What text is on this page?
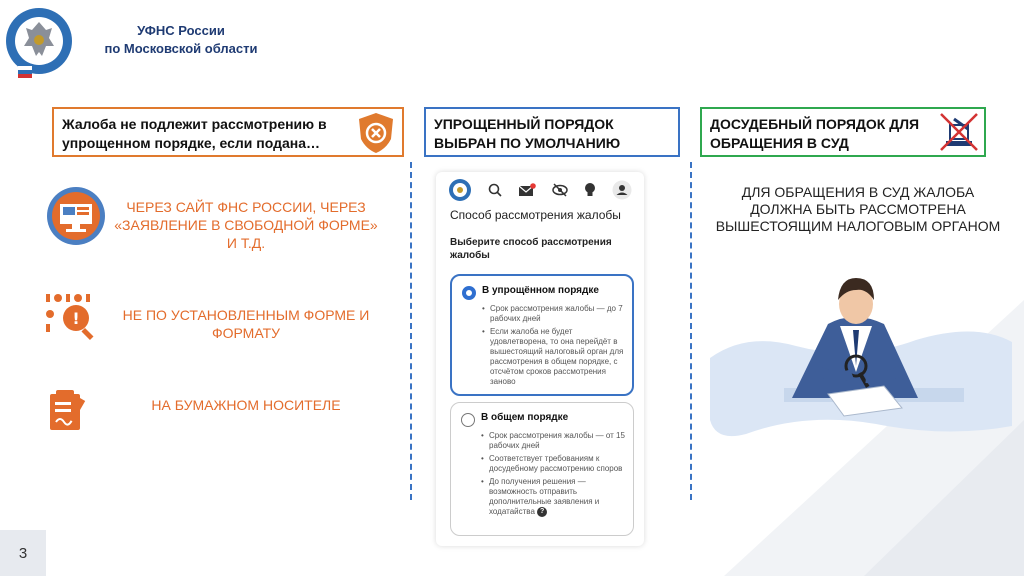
УФНС России
по Московской области
Жалоба не подлежит рассмотрению в упрощенном порядке, если подана…
УПРОЩЕННЫЙ ПОРЯДОК ВЫБРАН ПО УМОЛЧАНИЮ
ДОСУДЕБНЫЙ ПОРЯДОК ДЛЯ ОБРАЩЕНИЯ В СУД
ЧЕРЕЗ САЙТ ФНС РОССИИ, ЧЕРЕЗ «ЗАЯВЛЕНИЕ В СВОБОДНОЙ ФОРМЕ» И Т.Д.
!	НЕ ПО УСТАНОВЛЕННЫМ ФОРМЕ И ФОРМАТУ
НА БУМАЖНОМ НОСИТЕЛЕ
Способ рассмотрения жалобы
Выберите способ рассмотрения жалобы
В упрощённом порядке
• Срок рассмотрения жалобы — до 7 рабочих дней
• Если жалоба не будет удовлетворена, то она перейдёт в вышестоящий налоговый орган для рассмотрения в общем порядке, с отсчётом сроков рассмотрения заново
В общем порядке
• Срок рассмотрения жалобы — от 15 рабочих дней
• Соответствует требованиям к досудебному рассмотрению споров
• До получения решения — возможность отправить дополнительные заявления и ходатайства ?
ДЛЯ ОБРАЩЕНИЯ В СУД ЖАЛОБА ДОЛЖНА БЫТЬ РАССМОТРЕНА ВЫШЕСТОЯЩИМ НАЛОГОВЫМ ОРГАНОМ
3
